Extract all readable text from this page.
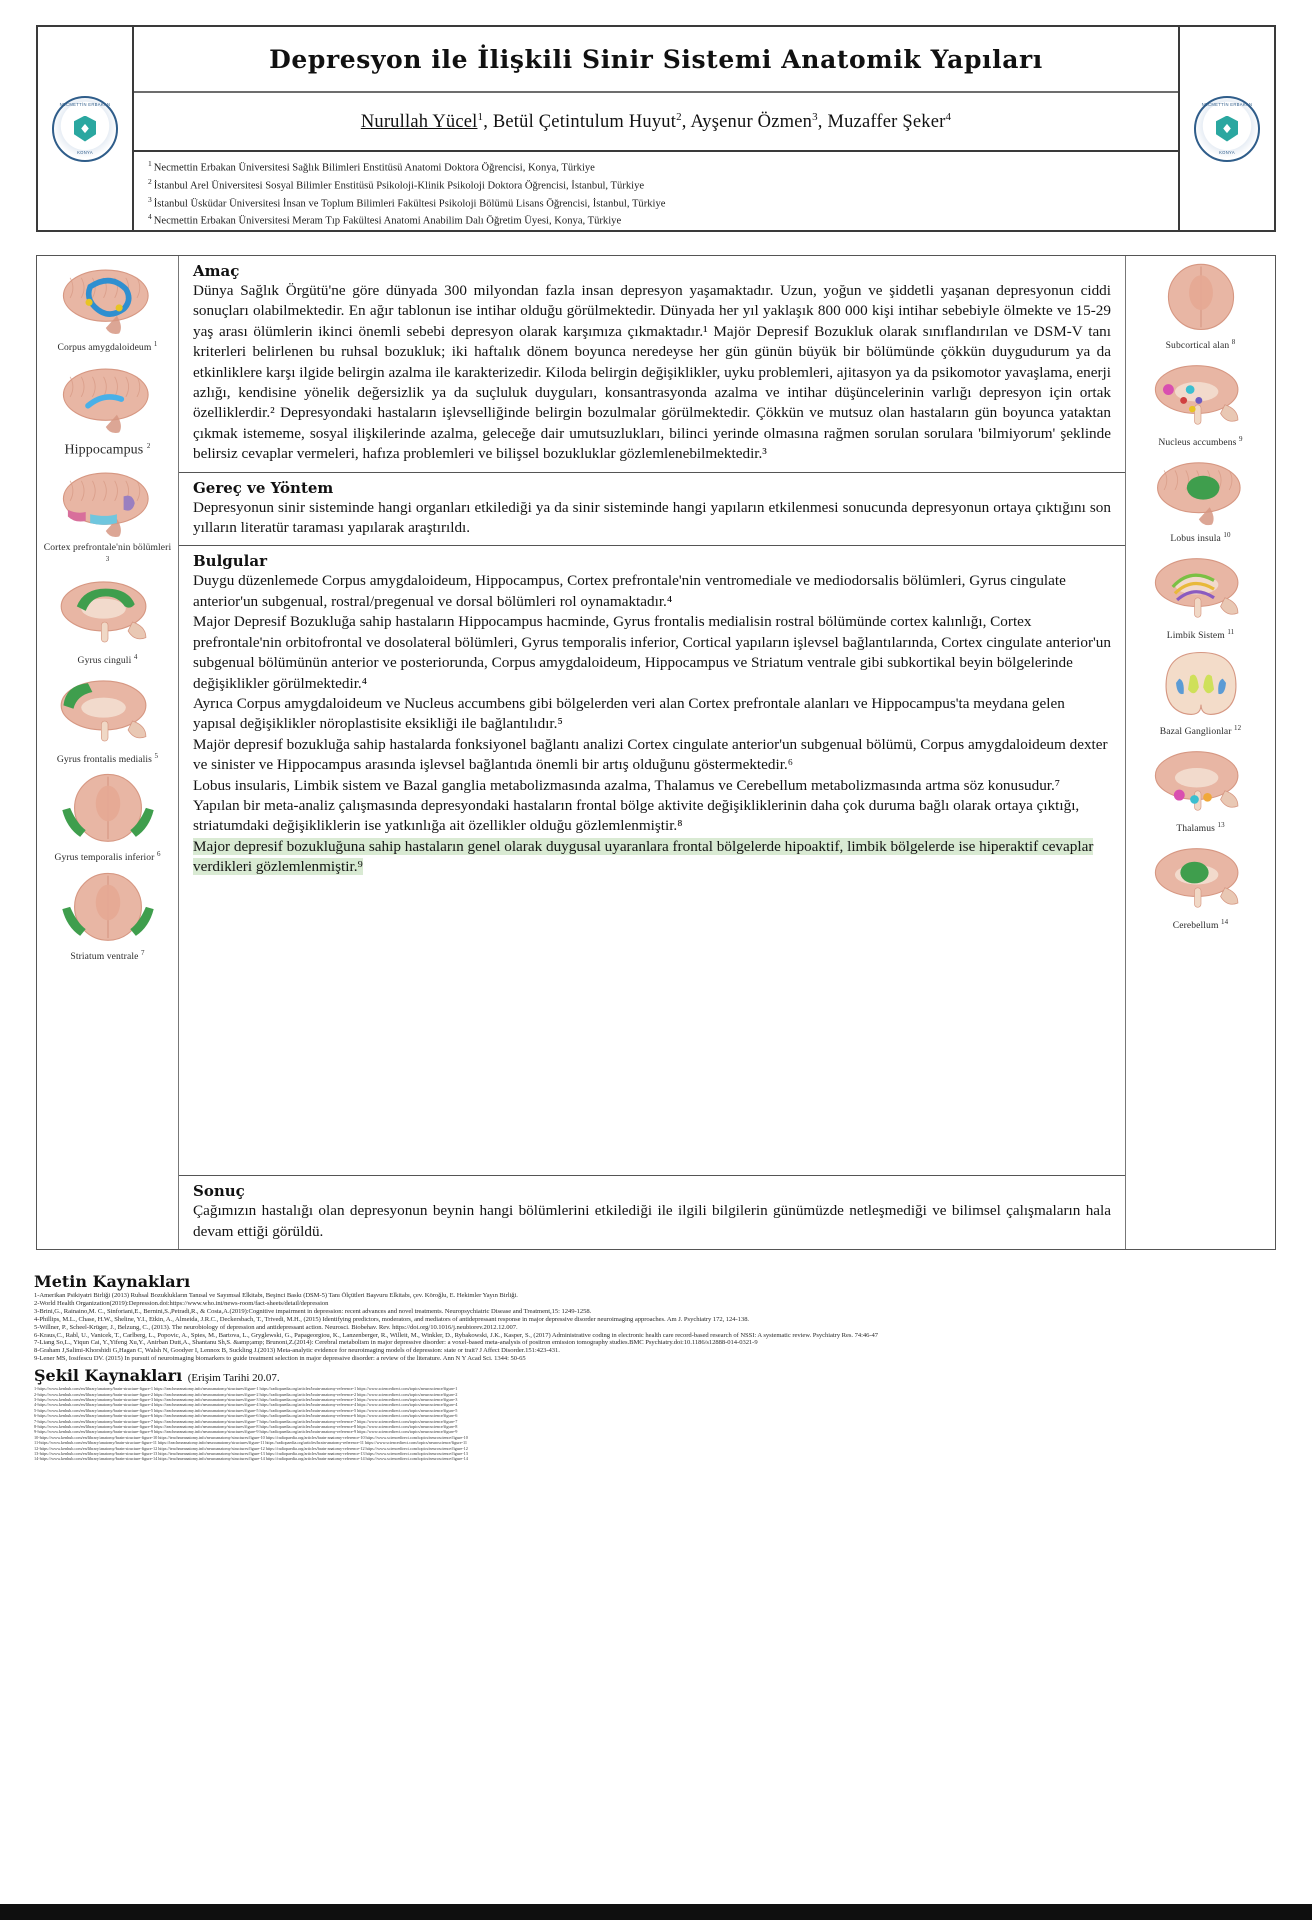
NECMETTİN ERBAKAN
KONYA
Depresyon ile İlişkili Sinir Sistemi Anatomik Yapıları
Nurullah Yücel$^1$, Betül Çetintulum Huyut$^2$, Ayşenur Özmen$^3$, Muzaffer Şeker$^4$
$^1$ Necmettin Erbakan Üniversitesi Sağlık Bilimleri Enstitüsü Anatomi Doktora Öğrencisi, Konya, Türkiye
$^2$ İstanbul Arel Üniversitesi Sosyal Bilimler Enstitüsü Psikoloji-Klinik Psikoloji Doktora Öğrencisi, İstanbul, Türkiye
$^3$ İstanbul Üsküdar Üniversitesi İnsan ve Toplum Bilimleri Fakültesi Psikoloji Bölümü Lisans Öğrencisi, İstanbul, Türkiye
$^4$ Necmettin Erbakan Üniversitesi Meram Tıp Fakültesi Anatomi Anabilim Dalı Öğretim Üyesi, Konya, Türkiye
NECMETTİN ERBAKAN
KONYA
Corpus amygdaloideum $^1$
Hippocampus $^2$
Cortex prefrontale'nin bölümleri $^3$
Gyrus cinguli $^4$
Gyrus frontalis medialis $^5$
Gyrus temporalis inferior $^6$
Striatum ventrale $^7$
Amaç
Dünya Sağlık Örgütü'ne göre dünyada 300 milyondan fazla insan depresyon yaşamaktadır. Uzun, yoğun ve şiddetli yaşanan depresyonun ciddi sonuçları olabilmektedir. En ağır tablonun ise intihar olduğu görülmektedir. Dünyada her yıl yaklaşık 800 000 kişi intihar sebebiyle ölmekte ve 15-29 yaş arası ölümlerin ikinci önemli sebebi depresyon olarak karşımıza çıkmaktadır.¹ Majör Depresif Bozukluk olarak sınıflandırılan ve DSM-V tanı kriterleri belirlenen bu ruhsal bozukluk; iki haftalık dönem boyunca neredeyse her gün günün büyük bir bölümünde çökkün duygudurum ya da etkinliklere karşı ilgide belirgin azalma ile karakterizedir. Kiloda belirgin değişiklikler, uyku problemleri, ajitasyon ya da psikomotor yavaşlama, enerji azlığı, kendisine yönelik değersizlik ya da suçluluk duyguları, konsantrasyonda azalma ve intihar düşüncelerinin varlığı depresyon için ortak özelliklerdir.² Depresyondaki hastaların işlevselliğinde belirgin bozulmalar görülmektedir. Çökkün ve mutsuz olan hastaların gün boyunca yataktan çıkmak istememe, sosyal ilişkilerinde azalma, geleceğe dair umutsuzlukları, bilinci yerinde olmasına rağmen sorulan sorulara 'bilmiyorum' şeklinde belirsiz cevaplar vermeleri, hafıza problemleri ve bilişsel bozukluklar gözlemlenebilmektedir.³
Gereç ve Yöntem
Depresyonun sinir sisteminde hangi organları etkilediği ya da sinir sisteminde hangi yapıların etkilenmesi sonucunda depresyonun ortaya çıktığını son yılların literatür taraması yapılarak araştırıldı.
Bulgular

Duygu düzenlemede Corpus amygdaloideum, Hippocampus, Cortex prefrontale'nin ventromediale ve mediodorsalis bölümleri, Gyrus cingulate anterior'un subgenual, rostral/pregenual ve dorsal bölümleri rol oynamaktadır.⁴

Major Depresif Bozukluğa sahip hastaların Hippocampus hacminde, Gyrus frontalis medialisin rostral bölümünde cortex kalınlığı, Cortex prefrontale'nin orbitofrontal ve dosolateral bölümleri, Gyrus temporalis inferior, Cortical yapıların işlevsel bağlantılarında, Cortex cingulate anterior'un subgenual bölümünün anterior ve posteriorunda, Corpus amygdaloideum, Hippocampus ve Striatum ventrale gibi subkortikal beyin bölgelerinde değişiklikler görülmektedir.⁴

Ayrıca Corpus amygdaloideum ve Nucleus accumbens gibi bölgelerden veri alan Cortex prefrontale alanları ve Hippocampus'ta meydana gelen yapısal değişiklikler nöroplastisite eksikliği ile bağlantılıdır.⁵

Majör depresif bozukluğa sahip hastalarda fonksiyonel bağlantı analizi Cortex cingulate anterior'un subgenual bölümü, Corpus amygdaloideum dexter ve sinister ve Hippocampus arasında işlevsel bağlantıda önemli bir artış olduğunu göstermektedir.⁶

Lobus insularis, Limbik sistem ve Bazal ganglia metabolizmasında azalma, Thalamus ve Cerebellum metabolizmasında artma söz konusudur.⁷

Yapılan bir meta-analiz çalışmasında depresyondaki hastaların frontal bölge aktivite değişikliklerinin daha çok duruma bağlı olarak ortaya çıktığı, striatumdaki değişikliklerin ise yatkınlığa ait özellikler olduğu gözlemlenmiştir.⁸

Major depresif bozukluğuna sahip hastaların genel olarak duygusal uyaranlara frontal bölgelerde hipoaktif, limbik bölgelerde ise hiperaktif cevaplar verdikleri gözlemlenmiştir.⁹

Sonuç
Çağımızın hastalığı olan depresyonun beynin hangi bölümlerini etkilediği ile ilgili bilgilerin günümüzde netleşmediği ve bilimsel çalışmaların hala devam ettiği görüldü.
Subcortical alan $^8$
Nucleus accumbens $^9$
Lobus insula $^{10}$
Limbik Sistem $^{11}$
Bazal Ganglionlar $^{12}$
Thalamus $^{13}$
Cerebellum $^{14}$
Metin Kaynakları
1-Amerikan Psikiyatri Birliği (2013) Ruhsal Bozuklukların Tanısal ve Sayımsal Elkitabı, Beşinci Baskı (DSM-5) Tanı Ölçütleri Başvuru Elkitabı, çev. Köroğlu, E. Hekimler Yayın Birliği.
2-World Health Organization(2019):Depression.doi:https://www.who.int/news-room/fact-sheets/detail/depression
3-Brini,G., Rainaino,M. C., Sinforiani,E., Bernini,S.,Petradi,R., & Costa,A.(2019):Cognitive impairment in depression: recent advances and novel treatments. Neuropsychiatric Disease and Treatment,15: 1249-1258.
4-Phillips, M.L., Chase, H.W., Sheline, Y.I., Etkin, A., Almeida, J.R.C., Deckersbach, T., Trivedi, M.H., (2015) Identifying predictors, moderators, and mediators of antidepressant response in major depressive disorder neuroimaging approaches. Am J. Psychiatry 172, 124-138.
5-Willner, P., Scheel-Krüger, J., Belzung, C., (2013). The neurobiology of depression and antidepressant action. Neurosci. Biobehav. Rev. https://doi.org/10.1016/j.neubiorev.2012.12.007.
6-Kraus,C., Rabl, U., Vanicek, T., Carlberg, L., Popovic, A., Spies, M., Bartova, L., Gryglewski, G., Papageorgiou, K., Lanzenberger, R., Willeit, M., Winkler, D., Rybakowski, J.K., Kasper, S., (2017) Administrative coding in electronic health care record-based research of NSSI: A systematic review. Psychiatry Res. 74:46-47
7-Liang So,L., Yiqun Cai, Y.,Yifeng Xu,Y., Anirban Dutt,A., Shantanu Sh,S. &amp;amp; Brunoni,Z.(2014): Cerebral metabolism in major depressive disorder: a voxel-based meta-analysis of positron emission tomography studies.BMC Psychiatry.doi:10.1186/s12888-014-0321-9
8-Graham J,Salimi-Khorshidi G,Hagan C, Walsh N, Goodyer I, Lennox B, Suckling J.(2013) Meta-analytic evidence for neuroimaging models of depression: state or trait? J Affect Disorder.151:423-431.
9-Lener MS, Iosifescu DV. (2015) In pursuit of neuroimaging biomarkers to guide treatment selection in major depressive disorder: a review of the literature. Ann N Y Acad Sci. 1344: 50-65
Şekil Kaynakları (Erişim Tarihi 20.07.
1-https://www.kenhub.com/en/library/anatomy/brain-structure-figure-1 https://teachmeanatomy.info/neuroanatomy/structures/figure-1 https://radiopaedia.org/articles/brain-anatomy-reference-1 https://www.sciencedirect.com/topics/neuroscience/figure-1
2-https://www.kenhub.com/en/library/anatomy/brain-structure-figure-2 https://teachmeanatomy.info/neuroanatomy/structures/figure-2 https://radiopaedia.org/articles/brain-anatomy-reference-2 https://www.sciencedirect.com/topics/neuroscience/figure-2
3-https://www.kenhub.com/en/library/anatomy/brain-structure-figure-3 https://teachmeanatomy.info/neuroanatomy/structures/figure-3 https://radiopaedia.org/articles/brain-anatomy-reference-3 https://www.sciencedirect.com/topics/neuroscience/figure-3
4-https://www.kenhub.com/en/library/anatomy/brain-structure-figure-4 https://teachmeanatomy.info/neuroanatomy/structures/figure-4 https://radiopaedia.org/articles/brain-anatomy-reference-4 https://www.sciencedirect.com/topics/neuroscience/figure-4
5-https://www.kenhub.com/en/library/anatomy/brain-structure-figure-5 https://teachmeanatomy.info/neuroanatomy/structures/figure-5 https://radiopaedia.org/articles/brain-anatomy-reference-5 https://www.sciencedirect.com/topics/neuroscience/figure-5
6-https://www.kenhub.com/en/library/anatomy/brain-structure-figure-6 https://teachmeanatomy.info/neuroanatomy/structures/figure-6 https://radiopaedia.org/articles/brain-anatomy-reference-6 https://www.sciencedirect.com/topics/neuroscience/figure-6
7-https://www.kenhub.com/en/library/anatomy/brain-structure-figure-7 https://teachmeanatomy.info/neuroanatomy/structures/figure-7 https://radiopaedia.org/articles/brain-anatomy-reference-7 https://www.sciencedirect.com/topics/neuroscience/figure-7
8-https://www.kenhub.com/en/library/anatomy/brain-structure-figure-8 https://teachmeanatomy.info/neuroanatomy/structures/figure-8 https://radiopaedia.org/articles/brain-anatomy-reference-8 https://www.sciencedirect.com/topics/neuroscience/figure-8
9-https://www.kenhub.com/en/library/anatomy/brain-structure-figure-9 https://teachmeanatomy.info/neuroanatomy/structures/figure-9 https://radiopaedia.org/articles/brain-anatomy-reference-9 https://www.sciencedirect.com/topics/neuroscience/figure-9
10-https://www.kenhub.com/en/library/anatomy/brain-structure-figure-10 https://teachmeanatomy.info/neuroanatomy/structures/figure-10 https://radiopaedia.org/articles/brain-anatomy-reference-10 https://www.sciencedirect.com/topics/neuroscience/figure-10
11-https://www.kenhub.com/en/library/anatomy/brain-structure-figure-11 https://teachmeanatomy.info/neuroanatomy/structures/figure-11 https://radiopaedia.org/articles/brain-anatomy-reference-11 https://www.sciencedirect.com/topics/neuroscience/figure-11
12-https://www.kenhub.com/en/library/anatomy/brain-structure-figure-12 https://teachmeanatomy.info/neuroanatomy/structures/figure-12 https://radiopaedia.org/articles/brain-anatomy-reference-12 https://www.sciencedirect.com/topics/neuroscience/figure-12
13-https://www.kenhub.com/en/library/anatomy/brain-structure-figure-13 https://teachmeanatomy.info/neuroanatomy/structures/figure-13 https://radiopaedia.org/articles/brain-anatomy-reference-13 https://www.sciencedirect.com/topics/neuroscience/figure-13
14-https://www.kenhub.com/en/library/anatomy/brain-structure-figure-14 https://teachmeanatomy.info/neuroanatomy/structures/figure-14 https://radiopaedia.org/articles/brain-anatomy-reference-14 https://www.sciencedirect.com/topics/neuroscience/figure-14
